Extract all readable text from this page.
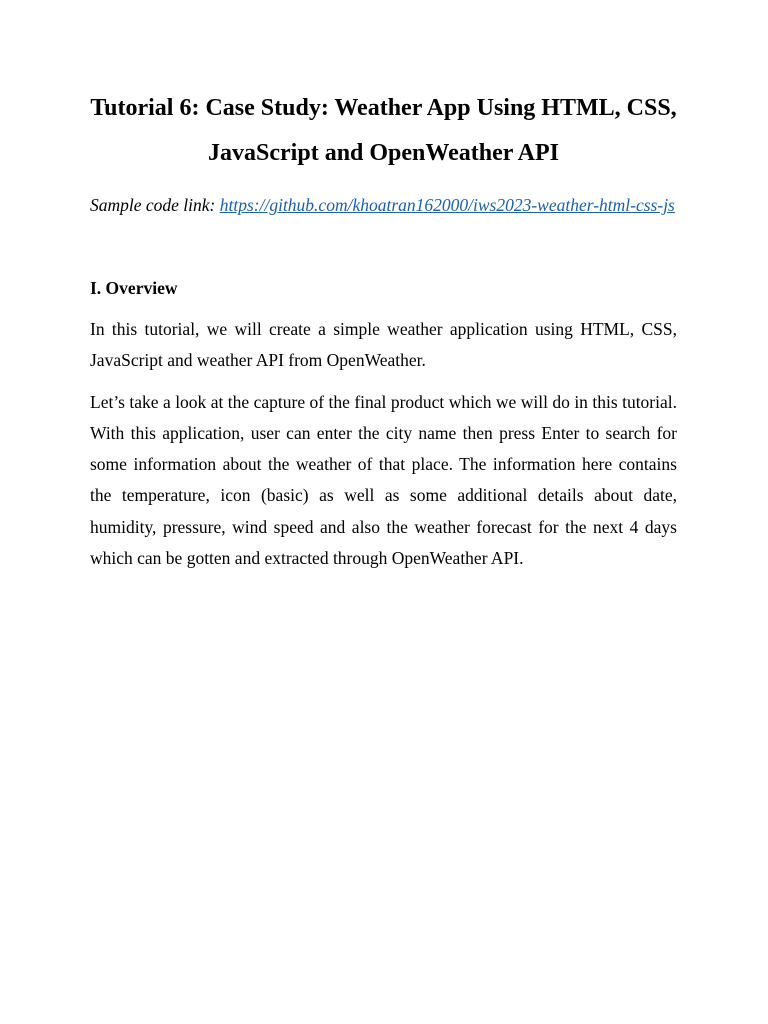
Tutorial 6: Case Study: Weather App Using HTML, CSS, JavaScript and OpenWeather API

Sample code link: https://github.com/khoatran162000/iws2023-weather-html-css-js

I. Overview

In this tutorial, we will create a simple weather application using HTML, CSS, JavaScript and weather API from OpenWeather.

Let’s take a look at the capture of the final product which we will do in this tutorial. With this application, user can enter the city name then press Enter to search for some information about the weather of that place. The information here contains the temperature, icon (basic) as well as some additional details about date, humidity, pressure, wind speed and also the weather forecast for the next 4 days which can be gotten and extracted through OpenWeather API.
